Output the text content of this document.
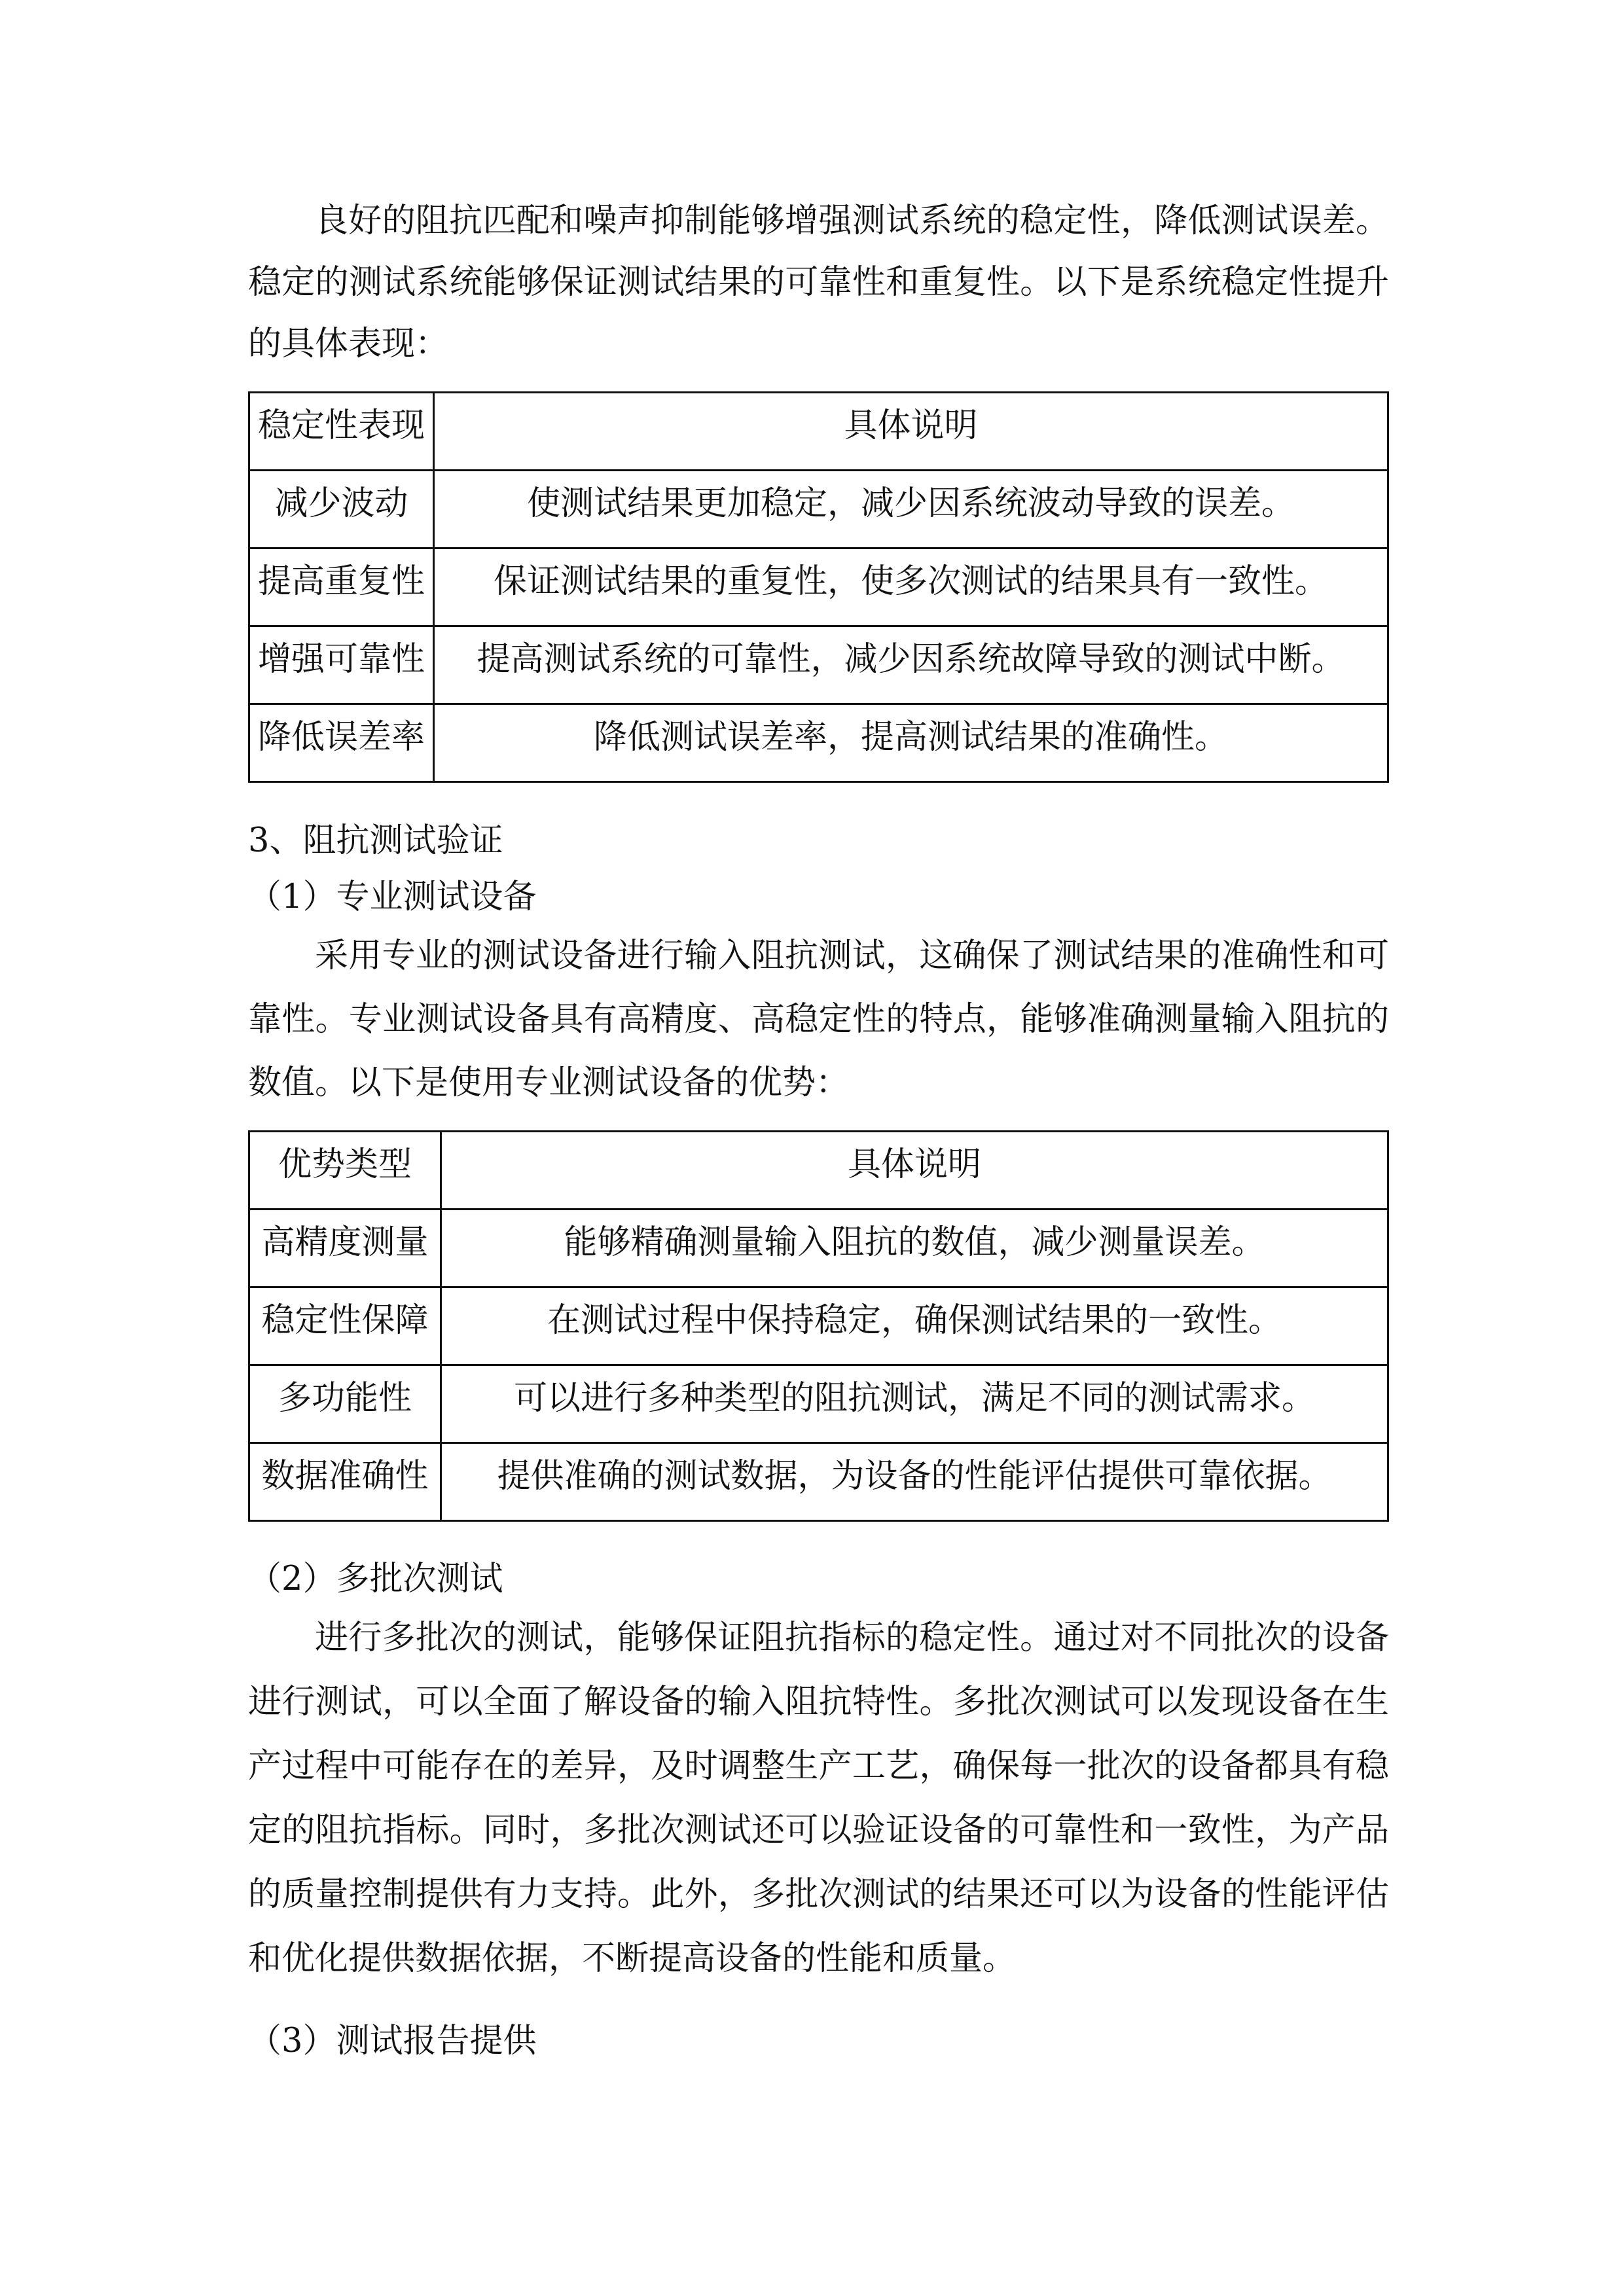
良好的阻抗匹配和噪声抑制能够增强测试系统的稳定性，降低测试误差。稳定的测试系统能够保证测试结果的可靠性和重复性。以下是系统稳定性提升的具体表现：

稳定性表现	具体说明
减少波动	使测试结果更加稳定，减少因系统波动导致的误差。
提高重复性	保证测试结果的重复性，使多次测试的结果具有一致性。
增强可靠性	提高测试系统的可靠性，减少因系统故障导致的测试中断。
降低误差率	降低测试误差率，提高测试结果的准确性。
3、阻抗测试验证
（1）专业测试设备

采用专业的测试设备进行输入阻抗测试，这确保了测试结果的准确性和可靠性。专业测试设备具有高精度、高稳定性的特点，能够准确测量输入阻抗的数值。以下是使用专业测试设备的优势：

优势类型	具体说明
高精度测量	能够精确测量输入阻抗的数值，减少测量误差。
稳定性保障	在测试过程中保持稳定，确保测试结果的一致性。
多功能性	可以进行多种类型的阻抗测试，满足不同的测试需求。
数据准确性	提供准确的测试数据，为设备的性能评估提供可靠依据。
（2）多批次测试

进行多批次的测试，能够保证阻抗指标的稳定性。通过对不同批次的设备进行测试，可以全面了解设备的输入阻抗特性。多批次测试可以发现设备在生产过程中可能存在的差异，及时调整生产工艺，确保每一批次的设备都具有稳定的阻抗指标。同时，多批次测试还可以验证设备的可靠性和一致性，为产品的质量控制提供有力支持。此外，多批次测试的结果还可以为设备的性能评估和优化提供数据依据，不断提高设备的性能和质量。

（3）测试报告提供
